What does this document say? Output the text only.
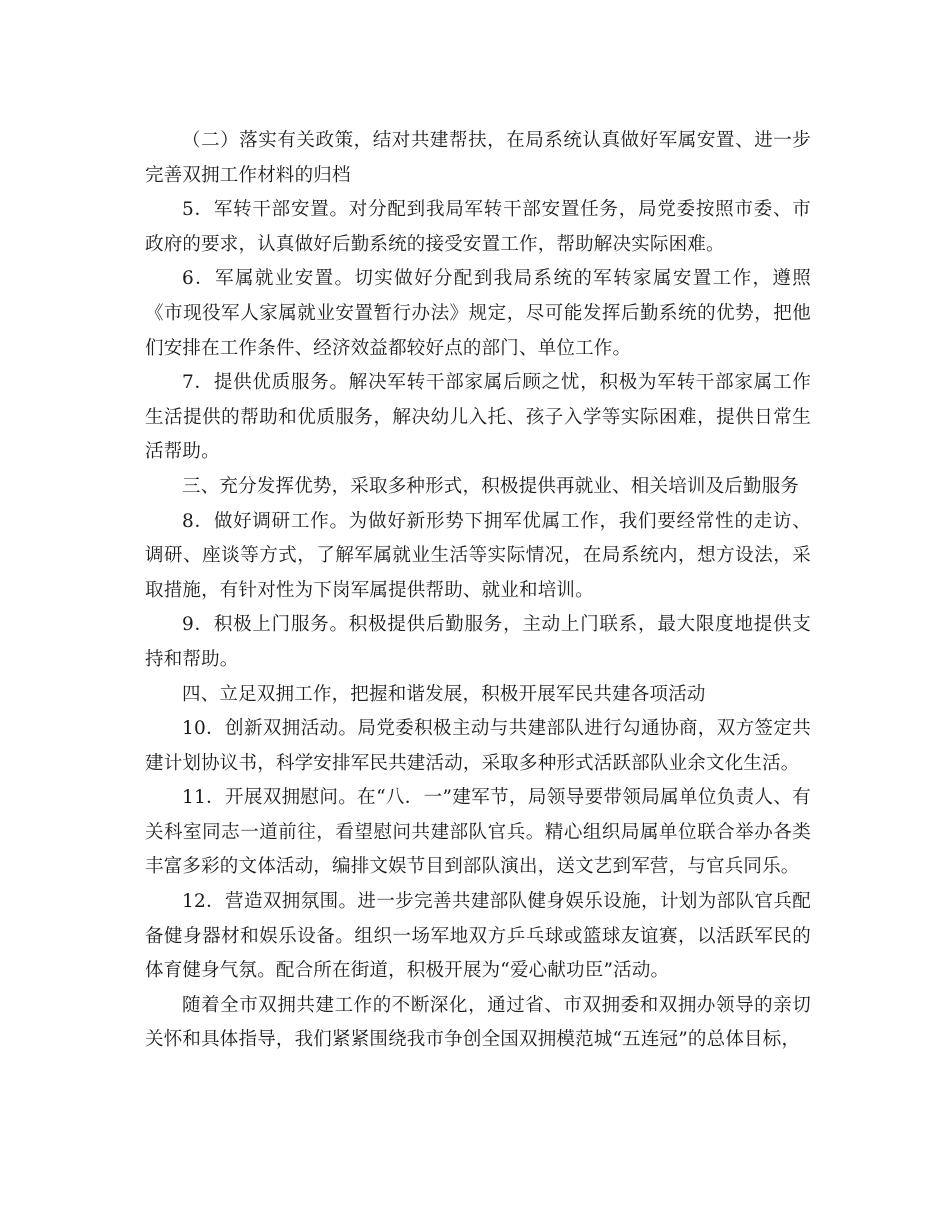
（二）落实有关政策，结对共建帮扶，在局系统认真做好军属安置、进一步完善双拥工作材料的归档

5．军转干部安置。对分配到我局军转干部安置任务，局党委按照市委、市政府的要求，认真做好后勤系统的接受安置工作，帮助解决实际困难。

6．军属就业安置。切实做好分配到我局系统的军转家属安置工作，遵照《市现役军人家属就业安置暂行办法》规定，尽可能发挥后勤系统的优势，把他们安排在工作条件、经济效益都较好点的部门、单位工作。

7．提供优质服务。解决军转干部家属后顾之忧，积极为军转干部家属工作生活提供的帮助和优质服务，解决幼儿入托、孩子入学等实际困难，提供日常生活帮助。

三、充分发挥优势，采取多种形式，积极提供再就业、相关培训及后勤服务

8．做好调研工作。为做好新形势下拥军优属工作，我们要经常性的走访、调研、座谈等方式，了解军属就业生活等实际情况，在局系统内，想方设法，采取措施，有针对性为下岗军属提供帮助、就业和培训。

9．积极上门服务。积极提供后勤服务，主动上门联系，最大限度地提供支持和帮助。

四、立足双拥工作，把握和谐发展，积极开展军民共建各项活动

10．创新双拥活动。局党委积极主动与共建部队进行勾通协商，双方签定共建计划协议书，科学安排军民共建活动，采取多种形式活跃部队业余文化生活。

11．开展双拥慰问。在“八．一”建军节，局领导要带领局属单位负责人、有关科室同志一道前往，看望慰问共建部队官兵。精心组织局属单位联合举办各类丰富多彩的文体活动，编排文娱节目到部队演出，送文艺到军营，与官兵同乐。

12．营造双拥氛围。进一步完善共建部队健身娱乐设施，计划为部队官兵配备健身器材和娱乐设备。组织一场军地双方乒乓球或篮球友谊赛，以活跃军民的体育健身气氛。配合所在街道，积极开展为“爱心献功臣”活动。

随着全市双拥共建工作的不断深化，通过省、市双拥委和双拥办领导的亲切关怀和具体指导，我们紧紧围绕我市争创全国双拥模范城“五连冠”的总体目标，
